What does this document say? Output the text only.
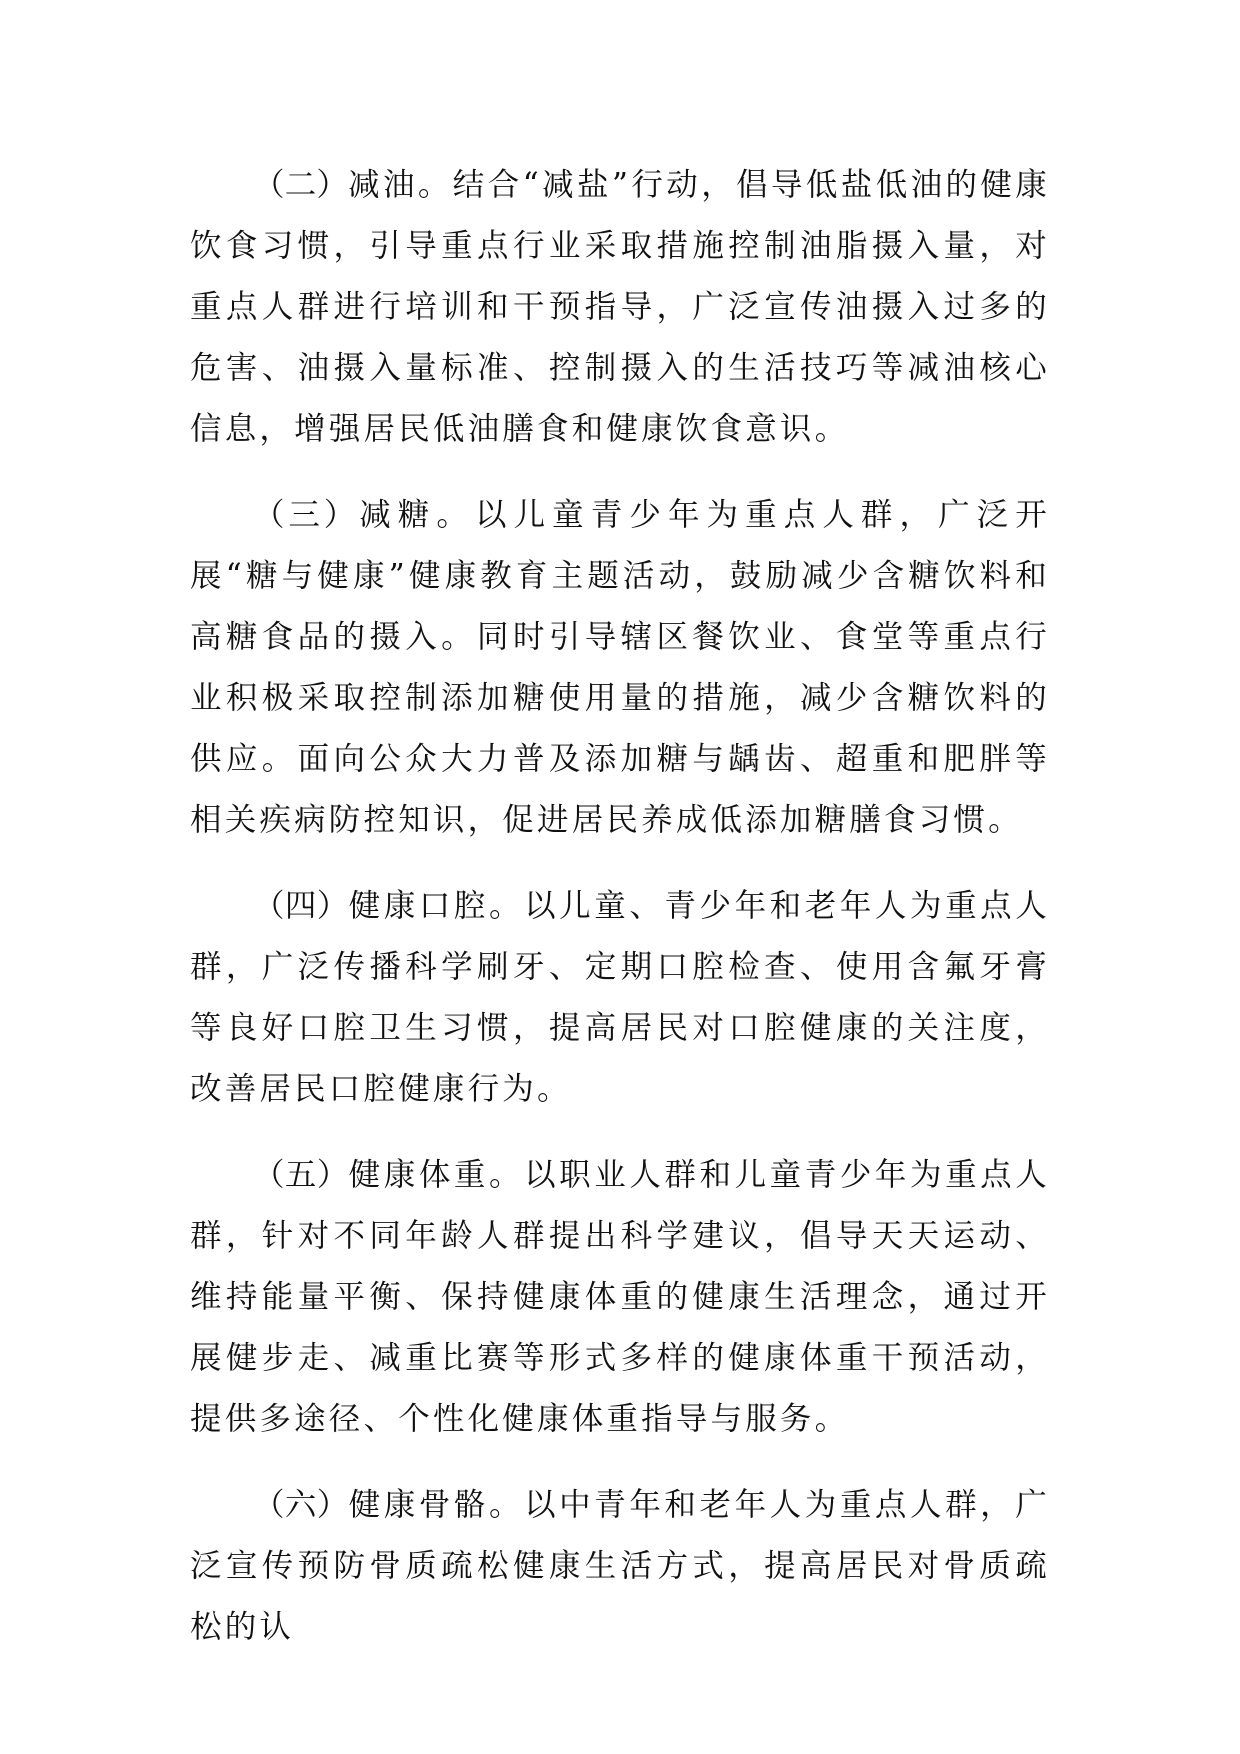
（二）减油。结合“减盐”行动，倡导低盐低油的健康饮食习惯，引导重点行业采取措施控制油脂摄入量，对重点人群进行培训和干预指导，广泛宣传油摄入过多的危害、油摄入量标准、控制摄入的生活技巧等减油核心信息，增强居民低油膳食和健康饮食意识。

（三）减糖。以儿童青少年为重点人群，广泛开展“糖与健康”健康教育主题活动，鼓励减少含糖饮料和高糖食品的摄入。同时引导辖区餐饮业、食堂等重点行业积极采取控制添加糖使用量的措施，减少含糖饮料的供应。面向公众大力普及添加糖与龋齿、超重和肥胖等相关疾病防控知识，促进居民养成低添加糖膳食习惯。

（四）健康口腔。以儿童、青少年和老年人为重点人群，广泛传播科学刷牙、定期口腔检查、使用含氟牙膏等良好口腔卫生习惯，提高居民对口腔健康的关注度，改善居民口腔健康行为。

（五）健康体重。以职业人群和儿童青少年为重点人群，针对不同年龄人群提出科学建议，倡导天天运动、维持能量平衡、保持健康体重的健康生活理念，通过开展健步走、减重比赛等形式多样的健康体重干预活动，提供多途径、个性化健康体重指导与服务。

（六）健康骨骼。以中青年和老年人为重点人群，广泛宣传预防骨质疏松健康生活方式，提高居民对骨质疏松的认
